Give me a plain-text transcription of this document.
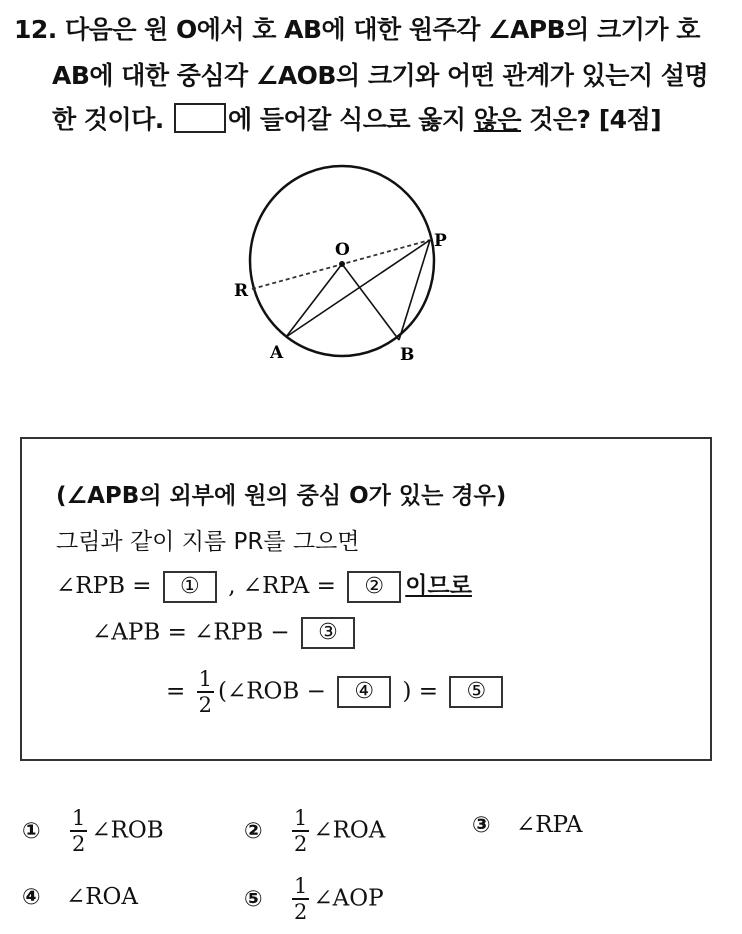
12. 다음은 원 O에서 호 AB에 대한 원주각 ∠APB의 크기가 호
AB에 대한 중심각 ∠AOB의 크기와 어떤 관계가 있는지 설명
한 것이다.	에 들어갈 식으로 옳지 않은 것은? [4점]
O	P
R
A	B
(∠APB의 외부에 원의 중심 O가 있는 경우)
그림과 같이 지름 PR를 그으면
∠RPB = ① , ∠RPA = ② 이므로
∠APB = ∠RPB − ③
= $\frac{1}{2}$ (∠ROB − ④ ) = ⑤
① $\frac{1}{2}$ ∠ROB	② $\frac{1}{2}$ ∠ROA	③ ∠RPA
④ ∠ROA	⑤ $\frac{1}{2}$ ∠AOP
